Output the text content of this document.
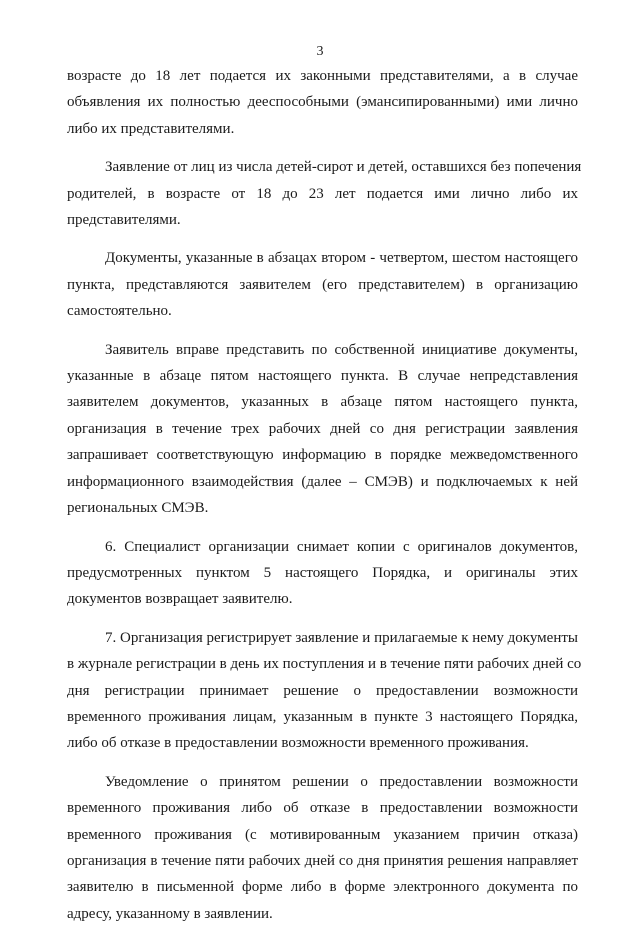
3

возрасте до 18 лет подается их законными представителями, а в случае
объявления их полностью дееспособными (эмансипированными) ими лично
либо их представителями.

Заявление от лиц из числа детей-сирот и детей, оставшихся без попечения
родителей, в возрасте от 18 до 23 лет подается ими лично либо их
представителями.

Документы, указанные в абзацах втором - четвертом, шестом настоящего
пункта, представляются заявителем (его представителем) в организацию
самостоятельно.

Заявитель вправе представить по собственной инициативе документы,
указанные в абзаце пятом настоящего пункта. В случае непредставления
заявителем документов, указанных в абзаце пятом настоящего пункта,
организация в течение трех рабочих дней со дня регистрации заявления
запрашивает соответствующую информацию в порядке межведомственного
информационного взаимодействия (далее – СМЭВ) и подключаемых к ней
региональных СМЭВ.

6. Специалист организации снимает копии с оригиналов документов,
предусмотренных пунктом 5 настоящего Порядка, и оригиналы этих
документов возвращает заявителю.

7. Организация регистрирует заявление и прилагаемые к нему документы
в журнале регистрации в день их поступления и в течение пяти рабочих дней со
дня регистрации принимает решение о предоставлении возможности
временного проживания лицам, указанным в пункте 3 настоящего Порядка,
либо об отказе в предоставлении возможности временного проживания.

Уведомление о принятом решении о предоставлении возможности
временного проживания либо об отказе в предоставлении возможности
временного проживания (с мотивированным указанием причин отказа)
организация в течение пяти рабочих дней со дня принятия решения направляет
заявителю в письменной форме либо в форме электронного документа по
адресу, указанному в заявлении.
